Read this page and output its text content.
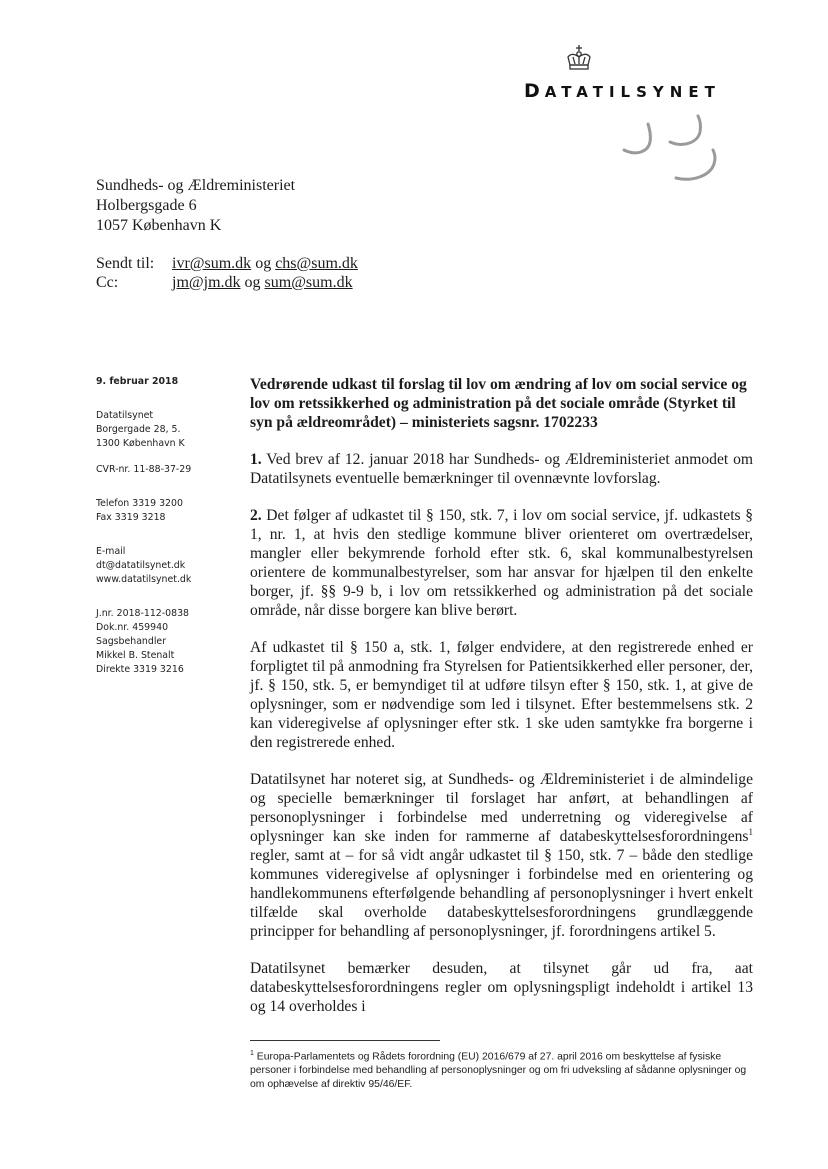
DATATILSYNET
Sundheds- og Ældreministeriet
Holbergsgade 6
1057 København K
Sendt til:	ivr@sum.dk og chs@sum.dk
Cc:	jm@jm.dk og sum@sum.dk
9. februar 2018
Datatilsynet
Borgergade 28, 5.
1300 København K
CVR-nr. 11-88-37-29
Telefon 3319 3200
Fax 3319 3218
E-mail
dt@datatilsynet.dk
www.datatilsynet.dk
J.nr. 2018-112-0838
Dok.nr. 459940
Sagsbehandler
Mikkel B. Stenalt
Direkte 3319 3216
Vedrørende udkast til forslag til lov om ændring af lov om social service og lov om retssikkerhed og administration på det sociale område (Styrket til syn på ældreområdet) – ministeriets sagsnr. 1702233

1. Ved brev af 12. januar 2018 har Sundheds- og Ældreministeriet anmodet om Datatilsynets eventuelle bemærkninger til ovennævnte lovforslag.

2. Det følger af udkastet til § 150, stk. 7, i lov om social service, jf. udkastets § 1, nr. 1, at hvis den stedlige kommune bliver orienteret om overtrædelser, mangler eller bekymrende forhold efter stk. 6, skal kommunalbestyrelsen orientere de kommunalbestyrelser, som har ansvar for hjælpen til den enkelte borger, jf. §§ 9-9 b, i lov om retssikkerhed og administration på det sociale område, når disse borgere kan blive berørt.

Af udkastet til § 150 a, stk. 1, følger endvidere, at den registrerede enhed er forpligtet til på anmodning fra Styrelsen for Patientsikkerhed eller personer, der, jf. § 150, stk. 5, er bemyndiget til at udføre tilsyn efter § 150, stk. 1, at give de oplysninger, som er nødvendige som led i tilsynet. Efter bestemmelsens stk. 2 kan videregivelse af oplysninger efter stk. 1 ske uden samtykke fra borgerne i den registrerede enhed.

Datatilsynet har noteret sig, at Sundheds- og Ældreministeriet i de almindelige og specielle bemærkninger til forslaget har anført, at behandlingen af personoplysninger i forbindelse med underretning og videregivelse af oplysninger kan ske inden for rammerne af databeskyttelsesforordningens$^1$ regler, samt at – for så vidt angår udkastet til § 150, stk. 7 – både den stedlige kommunes videregivelse af oplysninger i forbindelse med en orientering og handlekommunens efterfølgende behandling af personoplysninger i hvert enkelt tilfælde skal overholde databeskyttelsesforordningens grundlæggende principper for behandling af personoplysninger, jf. forordningens artikel 5.

Datatilsynet bemærker desuden, at tilsynet går ud fra, aat databeskyttelsesforordningens regler om oplysningspligt indeholdt i artikel 13 og 14 overholdes i

$^1$ Europa-Parlamentets og Rådets forordning (EU) 2016/679 af 27. april 2016 om beskyttelse af fysiske personer i forbindelse med behandling af personoplysninger og om fri udveksling af sådanne oplysninger og om ophævelse af direktiv 95/46/EF.
